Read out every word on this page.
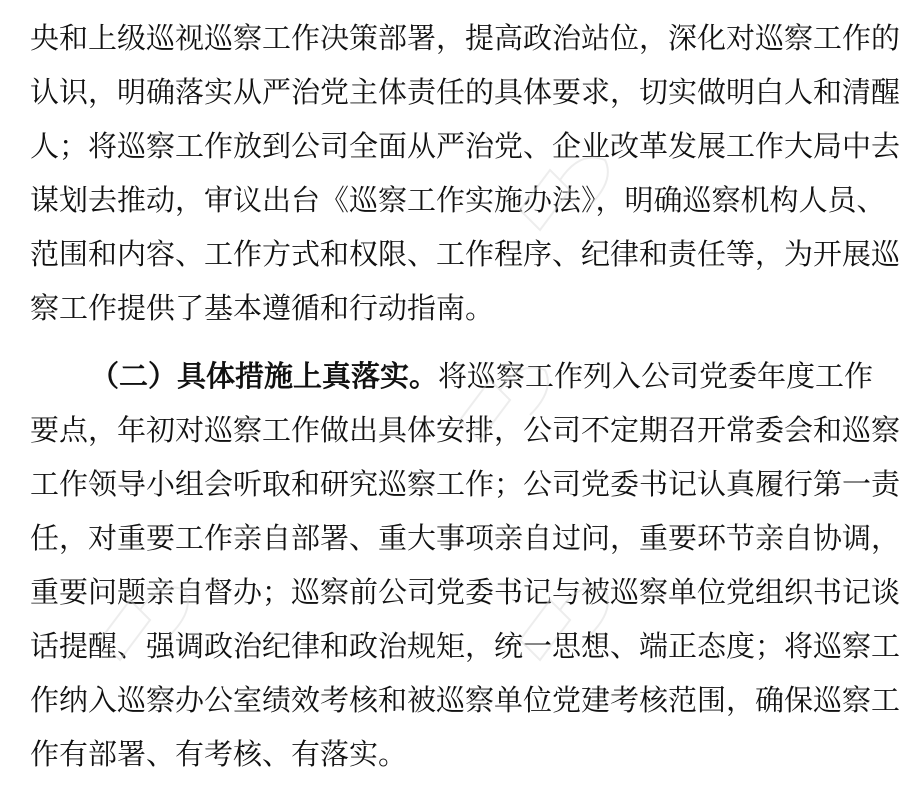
央和上级巡视巡察工作决策部署，提高政治站位，深化对巡察工作的
认识，明确落实从严治党主体责任的具体要求，切实做明白人和清醒
人；将巡察工作放到公司全面从严治党、企业改革发展工作大局中去
谋划去推动，审议出台《巡察工作实施办法》，明确巡察机构人员、
范围和内容、工作方式和权限、工作程序、纪律和责任等，为开展巡
察工作提供了基本遵循和行动指南。
（二）具体措施上真落实。将巡察工作列入公司党委年度工作
要点，年初对巡察工作做出具体安排，公司不定期召开常委会和巡察
工作领导小组会听取和研究巡察工作；公司党委书记认真履行第一责
任，对重要工作亲自部署、重大事项亲自过问，重要环节亲自协调，
重要问题亲自督办；巡察前公司党委书记与被巡察单位党组织书记谈
话提醒、强调政治纪律和政治规矩，统一思想、端正态度；将巡察工
作纳入巡察办公室绩效考核和被巡察单位党建考核范围，确保巡察工
作有部署、有考核、有落实。
